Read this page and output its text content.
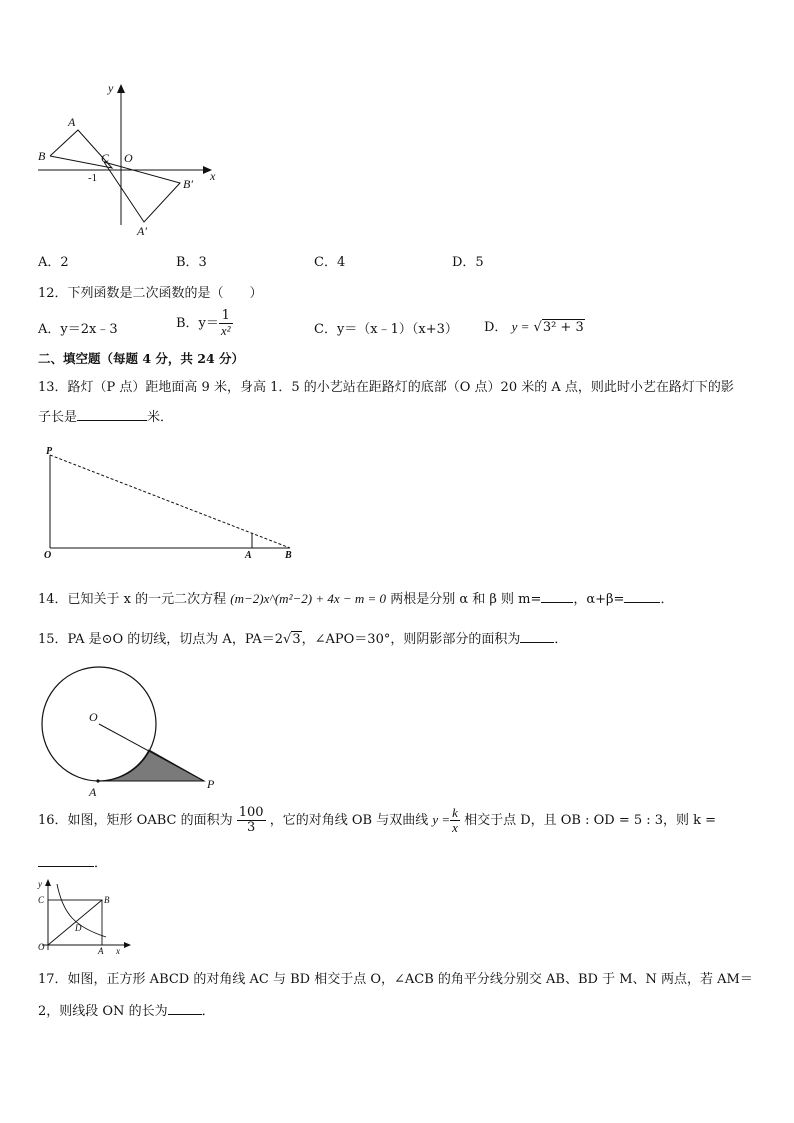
y
x
A
B	C O
-1	B′
A′
A．2	B．3	C．4	D．5
12．下列函数是二次函数的是（　　）
A．y＝2x﹣3	B．$y= \frac{1}{\text{x²}}$	C．y＝（x﹣1）（x+3） D． y = √3² + 3
二、填空题（每题 4 分，共 24 分）
13．路灯（P 点）距地面高 9 米，身高 1．5 的小艺站在距路灯的底部（O 点）20 米的 A 点，则此时小艺在路灯下的影
子长是	米．
P
O	A	B
14．已知关于 x 的一元二次方程 (m−2)x^(m²−2) + 4x − m = 0 两根是分别 α 和 β 则 m= ，α+β=	．
15．PA 是⊙O 的切线，切点为 A，PA＝2√3，∠APO＝30°，则阴影部分的面积为	．
O
A
P
16．如图，矩形 OABC 的面积为 $\frac{100}{3}$ ，它的对角线 OB 与双曲线 $y = \frac{k}{x}$ 相交于点 D，且 OB : OD = 5 : 3，则 k =
．
y
C	B
D
O	A x
17．如图，正方形 ABCD 的对角线 AC 与 BD 相交于点 O，∠ACB 的角平分线分别交 AB、BD 于 M、N 两点，若 AM＝
2，则线段 ON 的长为	．
